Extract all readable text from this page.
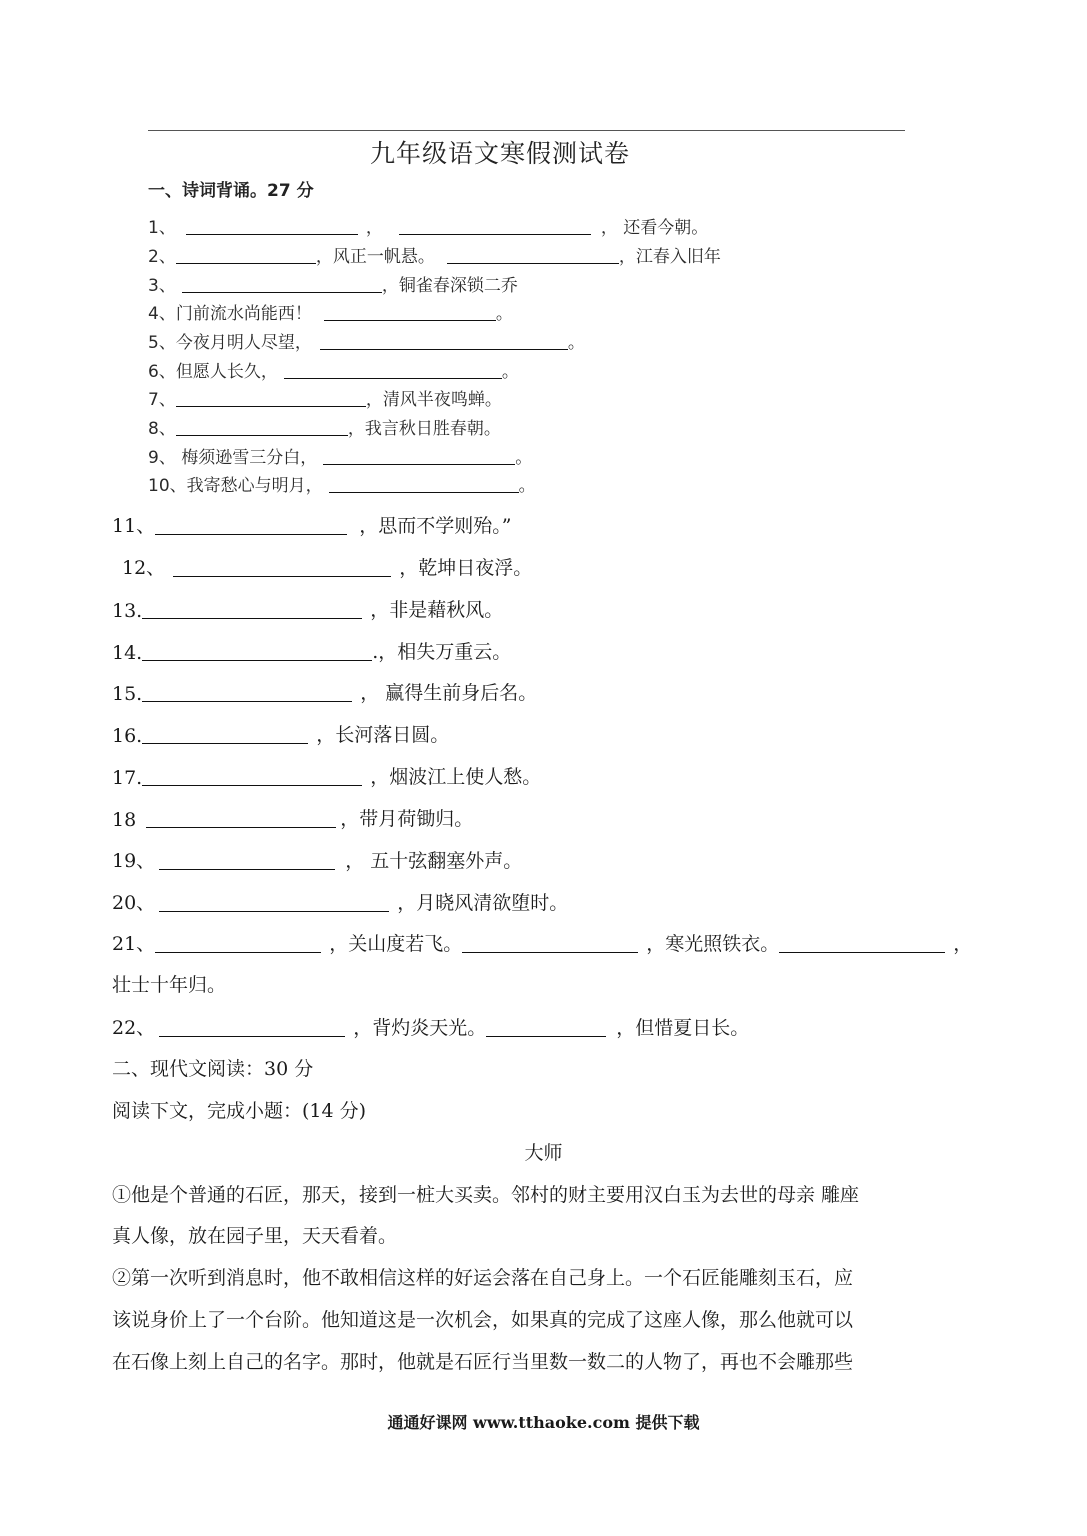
九年级语文寒假测试卷
一、诗词背诵。27 分
1、	，	， 还看今朝。
2、	，风正一帆悬。	，江春入旧年
3、	，铜雀春深锁二乔
4、门前流水尚能西！	。
5、今夜月明人尽望，	。
6、但愿人长久，	。
7、	，清风半夜鸣蝉。
8、	，我言秋日胜春朝。
9、 梅须逊雪三分白，	。
10、我寄愁心与明月，	。
11、	，思而不学则殆。”
12、	，乾坤日夜浮。
13.	，非是藉秋风。
14.	.，相失万重云。
15.	， 赢得生前身后名。
16.	，长河落日圆。
17.	，烟波江上使人愁。
18	，带月荷锄归。
19、	， 五十弦翻塞外声。
20、	，月晓风清欲堕时。
21、	，关山度若飞。	，寒光照铁衣。	，
壮士十年归。
22、	，背灼炎天光。	，但惜夏日长。
二、现代文阅读：30 分
阅读下文，完成小题：(14 分)
大师
①他是个普通的石匠，那天，接到一桩大买卖。邻村的财主要用汉白玉为去世的母亲 雕座
真人像，放在园子里，天天看着。
②第一次听到消息时，他不敢相信这样的好运会落在自己身上。一个石匠能雕刻玉石，应
该说身价上了一个台阶。他知道这是一次机会，如果真的完成了这座人像，那么他就可以
在石像上刻上自己的名字。那时，他就是石匠行当里数一数二的人物了，再也不会雕那些
通通好课网 www.tthaoke.com 提供下载
